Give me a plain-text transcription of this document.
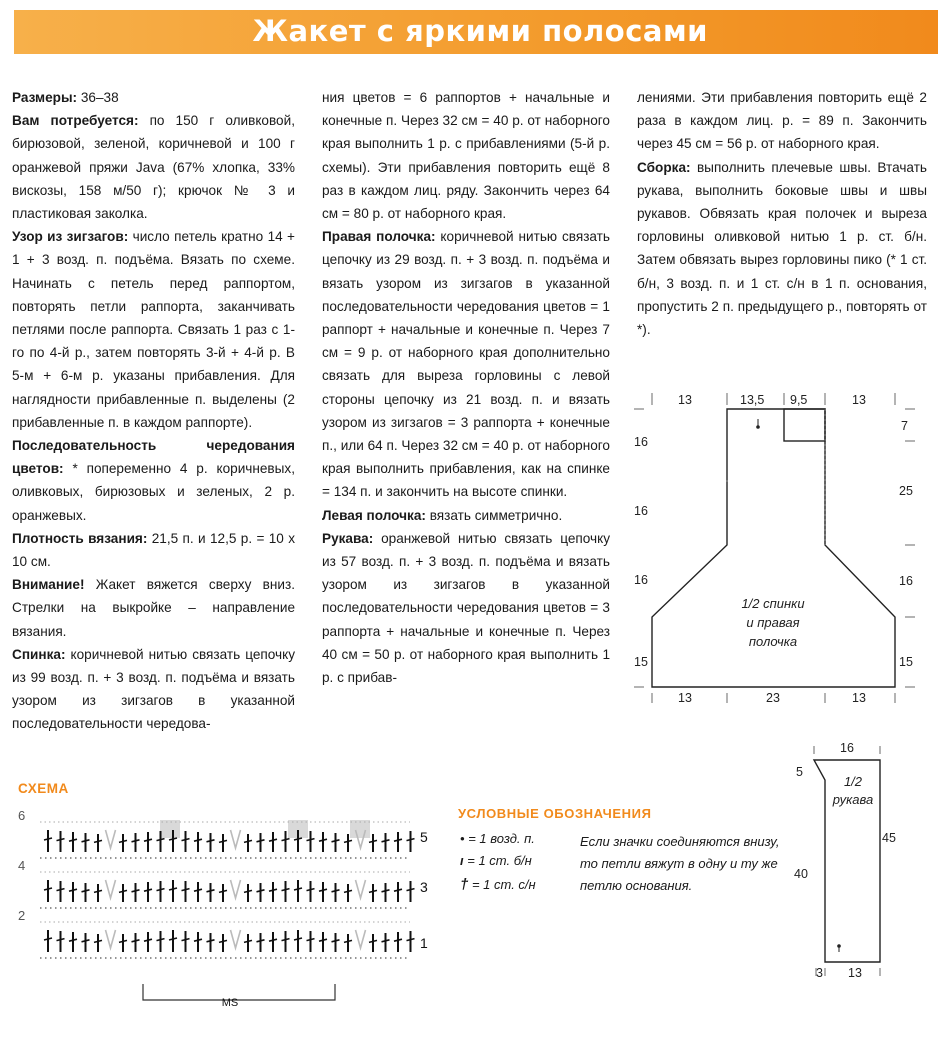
Жакет с яркими полосами

Размеры: 36–38

Вам потребуется: по 150 г оливковой, бирюзовой, зеленой, коричневой и 100 г оранжевой пряжи Java (67% хлопка, 33% вискозы, 158 м/50 г); крючок № 3 и пластиковая заколка.

Узор из зигзагов: число петель кратно 14 + 1 + 3 возд. п. подъёма. Вязать по схеме. Начинать с петель перед раппортом, повторять петли раппорта, заканчивать петлями после раппорта. Связать 1 раз с 1-го по 4-й р., затем повторять 3-й + 4-й р. В 5-м + 6-м р. указаны прибавления. Для наглядности прибавленные п. выделены (2 прибавленные п. в каждом раппорте).

Последовательность чередования цветов: * попеременно 4 р. коричневых, оливковых, бирюзовых и зеленых, 2 р. оранжевых.

Плотность вязания: 21,5 п. и 12,5 р. = 10 х 10 см.

Внимание! Жакет вяжется сверху вниз. Стрелки на выкройке – направление вязания.

Спинка: коричневой нитью связать цепочку из 99 возд. п. + 3 возд. п. подъёма и вязать узором из зигзагов в указанной последовательности чередова-

ния цветов = 6 раппортов + начальные и конечные п. Через 32 см = 40 р. от наборного края выполнить 1 р. с прибавлениями (5-й р. схемы). Эти прибавления повторить ещё 8 раз в каждом лиц. ряду. Закончить через 64 см = 80 р. от наборного края.

Правая полочка: коричневой нитью связать цепочку из 29 возд. п. + 3 возд. п. подъёма и вязать узором из зигзагов в указанной последовательности чередования цветов = 1 раппорт + начальные и конечные п. Через 7 см = 9 р. от наборного края дополнительно связать для выреза горловины с левой стороны цепочку из 21 возд. п. и вязать узором из зигзагов = 3 раппорта + конечные п., или 64 п. Через 32 см = 40 р. от наборного края выполнить прибавления, как на спинке = 134 п. и закончить на высоте спинки.

Левая полочка: вязать симметрично.

Рукава: оранжевой нитью связать цепочку из 57 возд. п. + 3 возд. п. подъёма и вязать узором из зигзагов в указанной последовательности чередования цветов = 3 раппорта + начальные и конечные п. Через 40 см = 50 р. от наборного края выполнить 1 р. с прибав-

лениями. Эти прибавления повторить ещё 2 раза в каждом лиц. р. = 89 п. Закончить через 45 см = 56 р. от наборного края.

Сборка: выполнить плечевые швы. Втачать рукава, выполнить боковые швы и швы рукавов. Обвязать края полочек и выреза горловины оливковой нитью 1 р. ст. б/н. Затем обвязать вырез горловины пико (* 1 ст. б/н, 3 возд. п. и 1 ст. с/н в 1 п. основания, пропустить 2 п. предыдущего р., повторять от *).

13	13,5 9,5	13
16
16
16
15
7
25
16
15
13	23	13
1/2 спинки
и правая
полочка
16
5
40
45
3 13
1/2
рукава
СХЕМА
6
4
2
5
3
1
MS
УСЛОВНЫЕ ОБОЗНАЧЕНИЯ
• = 1 возд. п.
ı = 1 ст. б/н
† = 1 ст. с/н
Если значки соединяются внизу, то петли вяжут в одну и ту же петлю основания.
